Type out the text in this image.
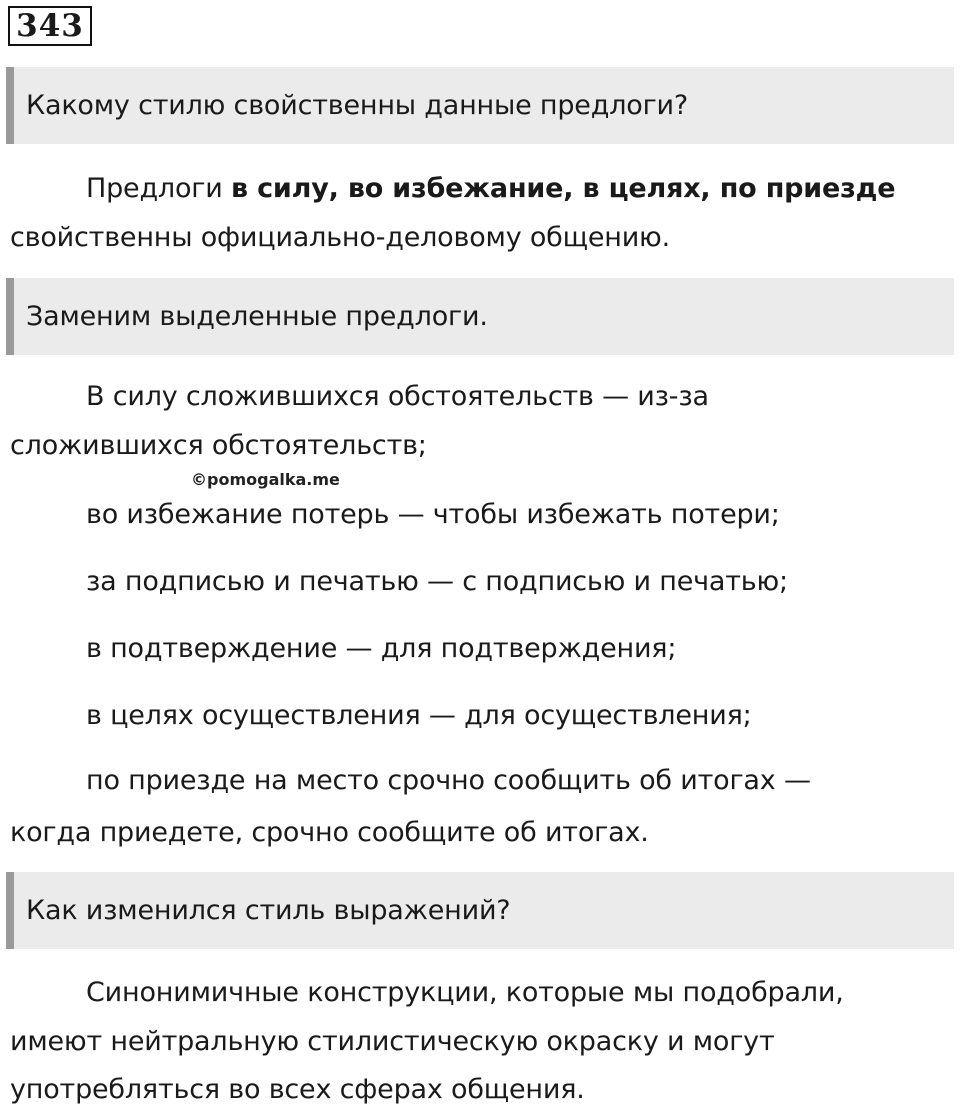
343
Какому стилю свойственны данные предлоги?
Предлоги в силу, во избежание, в целях, по приезде
свойственны официально-деловому общению.
Заменим выделенные предлоги.
В силу сложившихся обстоятельств — из-за
сложившихся обстоятельств;
©pomogalka.me
во избежание потерь — чтобы избежать потери;
за подписью и печатью — с подписью и печатью;
в подтверждение — для подтверждения;
в целях осуществления — для осуществления;
по приезде на место срочно сообщить об итогах —
когда приедете, срочно сообщите об итогах.
Как изменился стиль выражений?
Синонимичные конструкции, которые мы подобрали,
имеют нейтральную стилистическую окраску и могут
употребляться во всех сферах общения.
